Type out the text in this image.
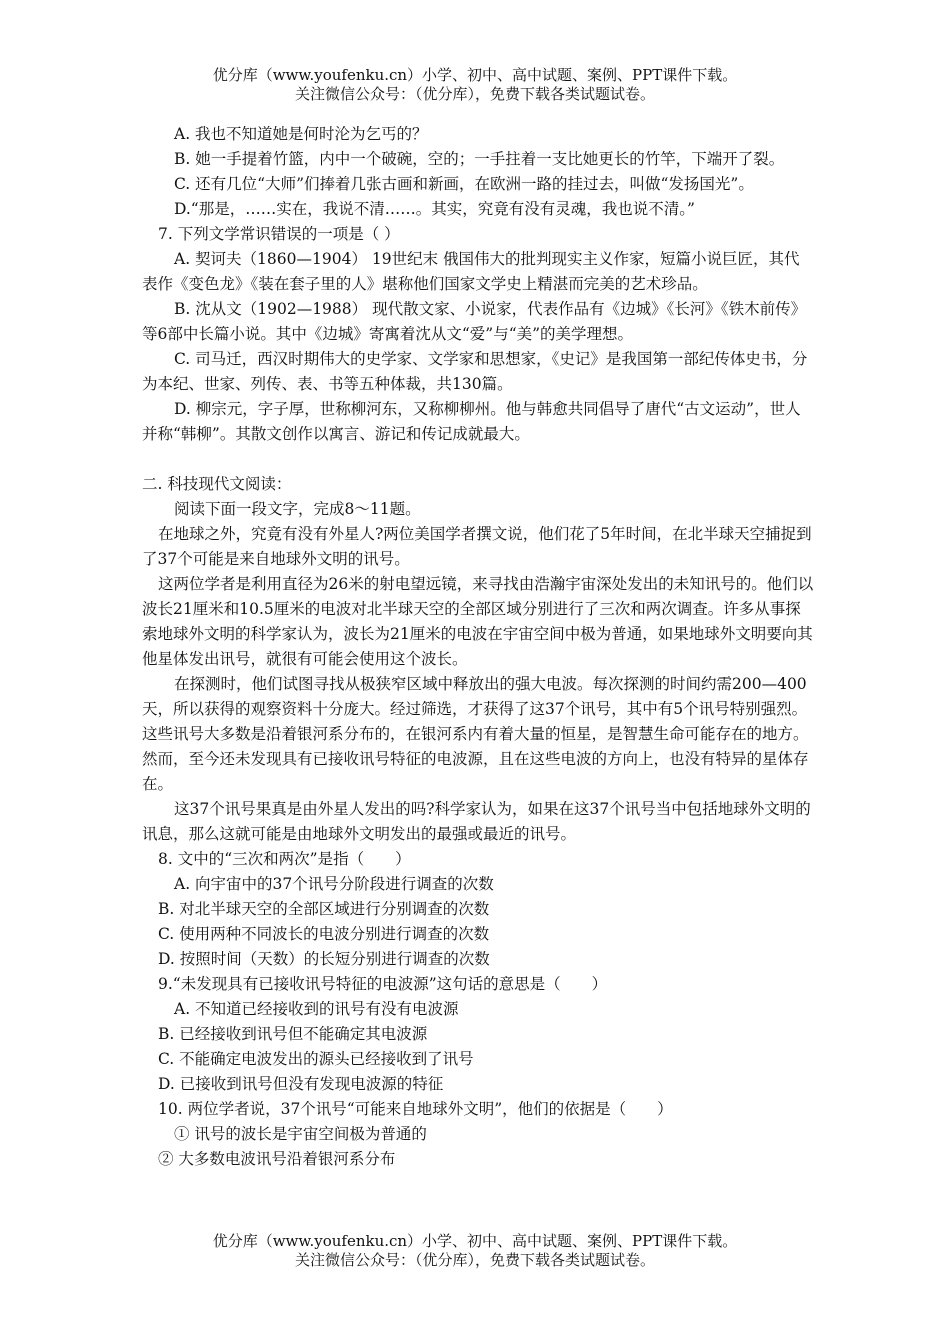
优分库（www.youfenku.cn）小学、初中、高中试题、案例、PPT课件下载。
关注微信公众号：（优分库），免费下载各类试题试卷。

A. 我也不知道她是何时沦为乞丐的？

B. 她一手提着竹篮，内中一个破碗，空的；一手拄着一支比她更长的竹竿，下端开了裂。

C. 还有几位“大师”们捧着几张古画和新画，在欧洲一路的挂过去，叫做“发扬国光”。

D.“那是，……实在，我说不清……。其实，究竟有没有灵魂，我也说不清。”

7. 下列文学常识错误的一项是（ ）

A. 契诃夫（1860—1904） 19世纪末 俄国伟大的批判现实主义作家，短篇小说巨匠，其代表作《变色龙》《装在套子里的人》堪称他们国家文学史上精湛而完美的艺术珍品。

B. 沈从文（1902—1988） 现代散文家、小说家，代表作品有《边城》《长河》《铁木前传》等6部中长篇小说。其中《边城》寄寓着沈从文“爱”与“美”的美学理想。

C. 司马迁，西汉时期伟大的史学家、文学家和思想家，《史记》是我国第一部纪传体史书，分为本纪、世家、列传、表、书等五种体裁，共130篇。

D. 柳宗元，字子厚，世称柳河东，又称柳柳州。他与韩愈共同倡导了唐代“古文运动”，世人并称“韩柳”。其散文创作以寓言、游记和传记成就最大。

二. 科技现代文阅读：

阅读下面一段文字，完成8～11题。

在地球之外，究竟有没有外星人?两位美国学者撰文说，他们花了5年时间，在北半球天空捕捉到了37个可能是来自地球外文明的讯号。

这两位学者是利用直径为26米的射电望远镜，来寻找由浩瀚宇宙深处发出的未知讯号的。他们以波长21厘米和10.5厘米的电波对北半球天空的全部区域分别进行了三次和两次调查。许多从事探索地球外文明的科学家认为，波长为21厘米的电波在宇宙空间中极为普通，如果地球外文明要向其他星体发出讯号，就很有可能会使用这个波长。

在探测时，他们试图寻找从极狭窄区域中释放出的强大电波。每次探测的时间约需200—400天，所以获得的观察资料十分庞大。经过筛选，才获得了这37个讯号，其中有5个讯号特别强烈。这些讯号大多数是沿着银河系分布的，在银河系内有着大量的恒星，是智慧生命可能存在的地方。然而，至今还未发现具有已接收讯号特征的电波源，且在这些电波的方向上，也没有特异的星体存在。

这37个讯号果真是由外星人发出的吗?科学家认为，如果在这37个讯号当中包括地球外文明的讯息，那么这就可能是由地球外文明发出的最强或最近的讯号。

8. 文中的“三次和两次”是指（　　）

A. 向宇宙中的37个讯号分阶段进行调查的次数

B. 对北半球天空的全部区域进行分别调查的次数

C. 使用两种不同波长的电波分别进行调查的次数

D. 按照时间（天数）的长短分别进行调查的次数

9.“未发现具有已接收讯号特征的电波源”这句话的意思是（　　）

A. 不知道已经接收到的讯号有没有电波源

B. 已经接收到讯号但不能确定其电波源

C. 不能确定电波发出的源头已经接收到了讯号

D. 已接收到讯号但没有发现电波源的特征

10. 两位学者说，37个讯号“可能来自地球外文明”，他们的依据是（　　）

① 讯号的波长是宇宙空间极为普通的

② 大多数电波讯号沿着银河系分布

优分库（www.youfenku.cn）小学、初中、高中试题、案例、PPT课件下载。
关注微信公众号：（优分库），免费下载各类试题试卷。
